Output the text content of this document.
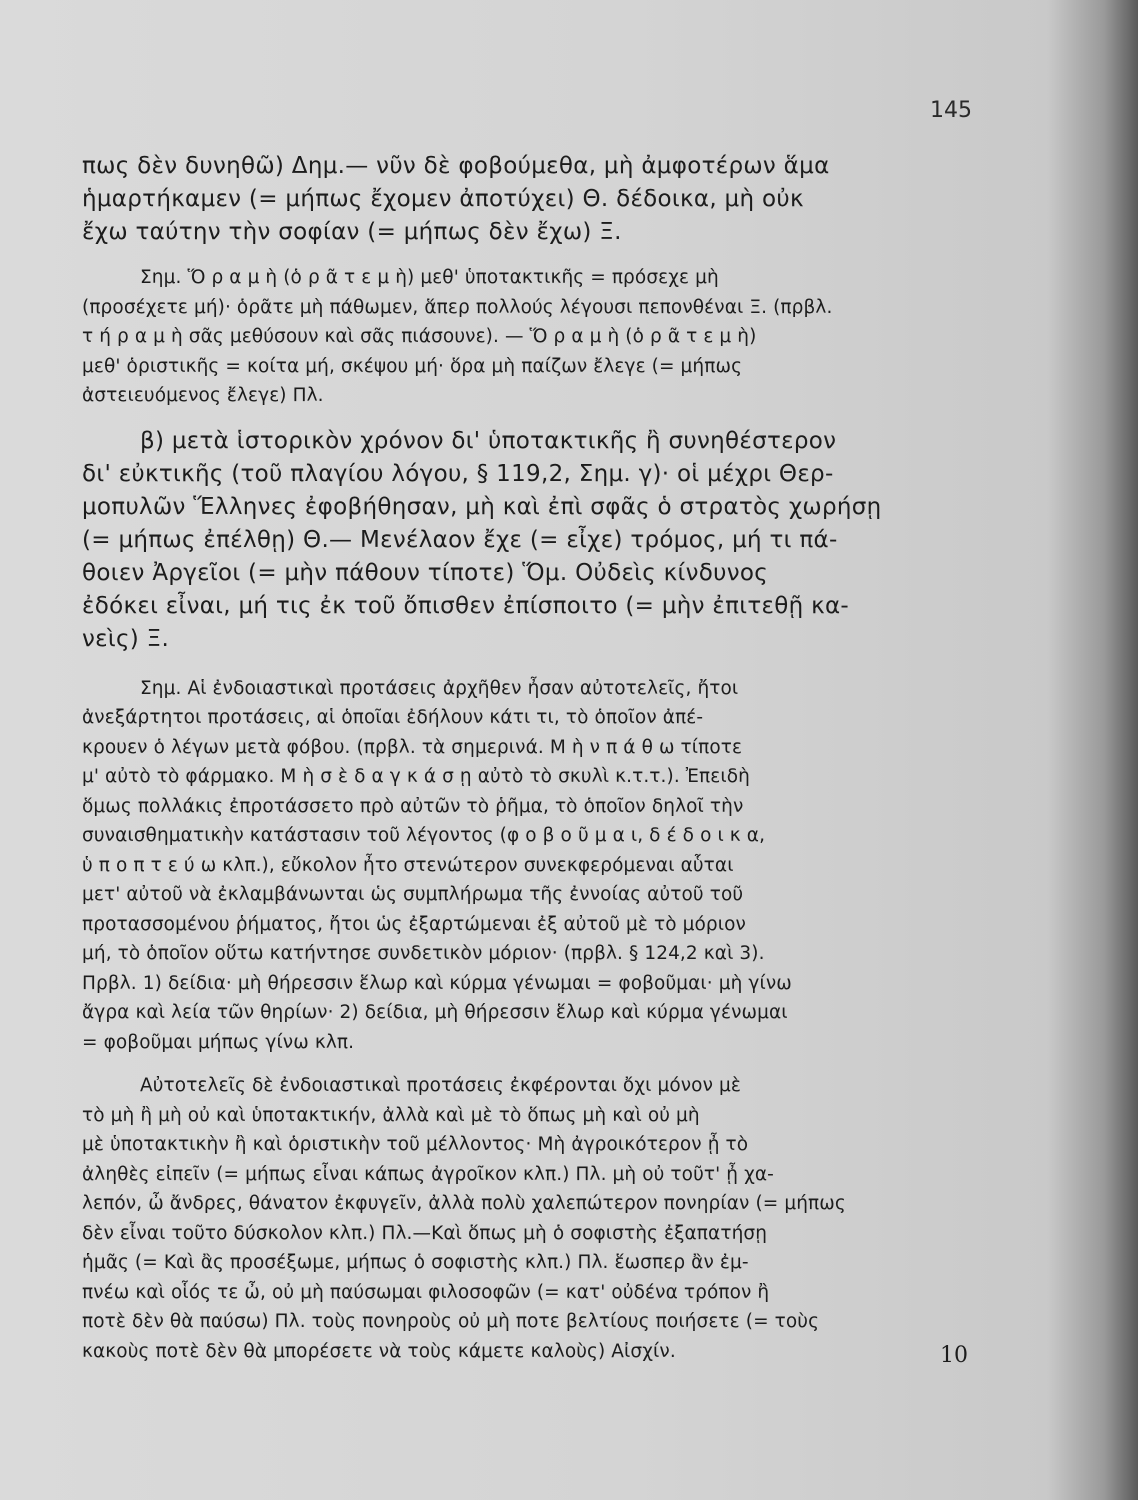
145
πως δὲν δυνηθῶ) Δημ.— νῦν δὲ φοβούμεθα, μὴ ἀμφοτέρων ἅμα
ἡμαρτήκαμεν (= μήπως ἔχομεν ἀποτύχει) Θ. δέδοικα, μὴ οὐκ
ἔχω ταύτην τὴν σοφίαν (= μήπως δὲν ἔχω) Ξ.
Σημ. Ὅ ρ α μ ὴ (ὁ ρ ᾶ τ ε μ ὴ) μεθ' ὑποτακτικῆς = πρόσεχε μὴ
(προσέχετε μή)· ὁρᾶτε μὴ πάθωμεν, ἅπερ πολλούς λέγουσι πεπονθέναι Ξ. (πρβλ.
τ ή ρ α μ ὴ σᾶς μεθύσουν καὶ σᾶς πιάσουνε). — Ὅ ρ α μ ὴ (ὁ ρ ᾶ τ ε μ ὴ)
μεθ' ὁριστικῆς = κοίτα μή, σκέψου μή· ὅρα μὴ παίζων ἔλεγε (= μήπως
ἀστειευόμενος ἔλεγε) Πλ.
β) μετὰ ἱστορικὸν χρόνον δι' ὑποτακτικῆς ἢ συνηθέστερον
δι' εὐκτικῆς (τοῦ πλαγίου λόγου, § 119,2, Σημ. γ)· οἱ μέχρι Θερ-
μοπυλῶν Ἕλληνες ἐφοβήθησαν, μὴ καὶ ἐπὶ σφᾶς ὁ στρατὸς χωρήσῃ
(= μήπως ἐπέλθῃ) Θ.— Μενέλαον ἔχε (= εἶχε) τρόμος, μή τι πά-
θοιεν Ἀργεῖοι (= μὴν πάθουν τίποτε) Ὅμ. Οὐδεὶς κίνδυνος
ἐδόκει εἶναι, μή τις ἐκ τοῦ ὄπισθεν ἐπίσποιτο (= μὴν ἐπιτεθῇ κα-
νεὶς) Ξ.
Σημ. Αἱ ἐνδοιαστικαὶ προτάσεις ἀρχῆθεν ἦσαν αὐτοτελεῖς, ἤτοι
ἀνεξάρτητοι προτάσεις, αἱ ὁποῖαι ἐδήλουν κάτι τι, τὸ ὁποῖον ἀπέ-
κρουεν ὁ λέγων μετὰ φόβου. (πρβλ. τὰ σημερινά. Μ ὴ ν π ά θ ω τίποτε
μ' αὐτὸ τὸ φάρμακο. Μ ὴ σ ὲ δ α γ κ ά σ ῃ αὐτὸ τὸ σκυλὶ κ.τ.τ.). Ἐπειδὴ
ὅμως πολλάκις ἐπροτάσσετο πρὸ αὐτῶν τὸ ῥῆμα, τὸ ὁποῖον δηλοῖ τὴν
συναισθηματικὴν κατάστασιν τοῦ λέγοντος (φ ο β ο ῦ μ α ι, δ έ δ ο ι κ α,
ὑ π ο π τ ε ύ ω κλπ.), εὔκολον ἦτο στενώτερον συνεκφερόμεναι αὗται
μετ' αὐτοῦ νὰ ἐκλαμβάνωνται ὡς συμπλήρωμα τῆς ἐννοίας αὐτοῦ τοῦ
προτασσομένου ῥήματος, ἤτοι ὡς ἐξαρτώμεναι ἐξ αὐτοῦ μὲ τὸ μόριον
μή, τὸ ὁποῖον οὕτω κατήντησε συνδετικὸν μόριον· (πρβλ. § 124,2 καὶ 3).
Πρβλ. 1) δείδια· μὴ θήρεσσιν ἕλωρ καὶ κύρμα γένωμαι = φοβοῦμαι· μὴ γίνω
ἄγρα καὶ λεία τῶν θηρίων· 2) δείδια, μὴ θήρεσσιν ἕλωρ καὶ κύρμα γένωμαι
= φοβοῦμαι μήπως γίνω κλπ.
Αὐτοτελεῖς δὲ ἐνδοιαστικαὶ προτάσεις ἐκφέρονται ὄχι μόνον μὲ
τὸ μὴ ἢ μὴ οὐ καὶ ὑποτακτικήν, ἀλλὰ καὶ μὲ τὸ ὅπως μὴ καὶ οὐ μὴ
μὲ ὑποτακτικὴν ἢ καὶ ὁριστικὴν τοῦ μέλλοντος· Μὴ ἀγροικότερον ᾖ τὸ
ἀληθὲς εἰπεῖν (= μήπως εἶναι κάπως ἀγροῖκον κλπ.) Πλ. μὴ οὐ τοῦτ' ᾖ χα-
λεπόν, ὦ ἄνδρες, θάνατον ἐκφυγεῖν, ἀλλὰ πολὺ χαλεπώτερον πονηρίαν (= μήπως
δὲν εἶναι τοῦτο δύσκολον κλπ.) Πλ.—Καὶ ὅπως μὴ ὁ σοφιστὴς ἐξαπατήσῃ
ἡμᾶς (= Καὶ ἂς προσέξωμε, μήπως ὁ σοφιστὴς κλπ.) Πλ. ἕωσπερ ἂν ἐμ-
πνέω καὶ οἷός τε ὦ, οὐ μὴ παύσωμαι φιλοσοφῶν (= κατ' οὐδένα τρόπον ἢ
ποτὲ δὲν θὰ παύσω) Πλ. τοὺς πονηροὺς οὐ μὴ ποτε βελτίους ποιήσετε (= τοὺς
κακοὺς ποτὲ δὲν θὰ μπορέσετε νὰ τοὺς κάμετε καλοὺς) Αἰσχίν.	10
